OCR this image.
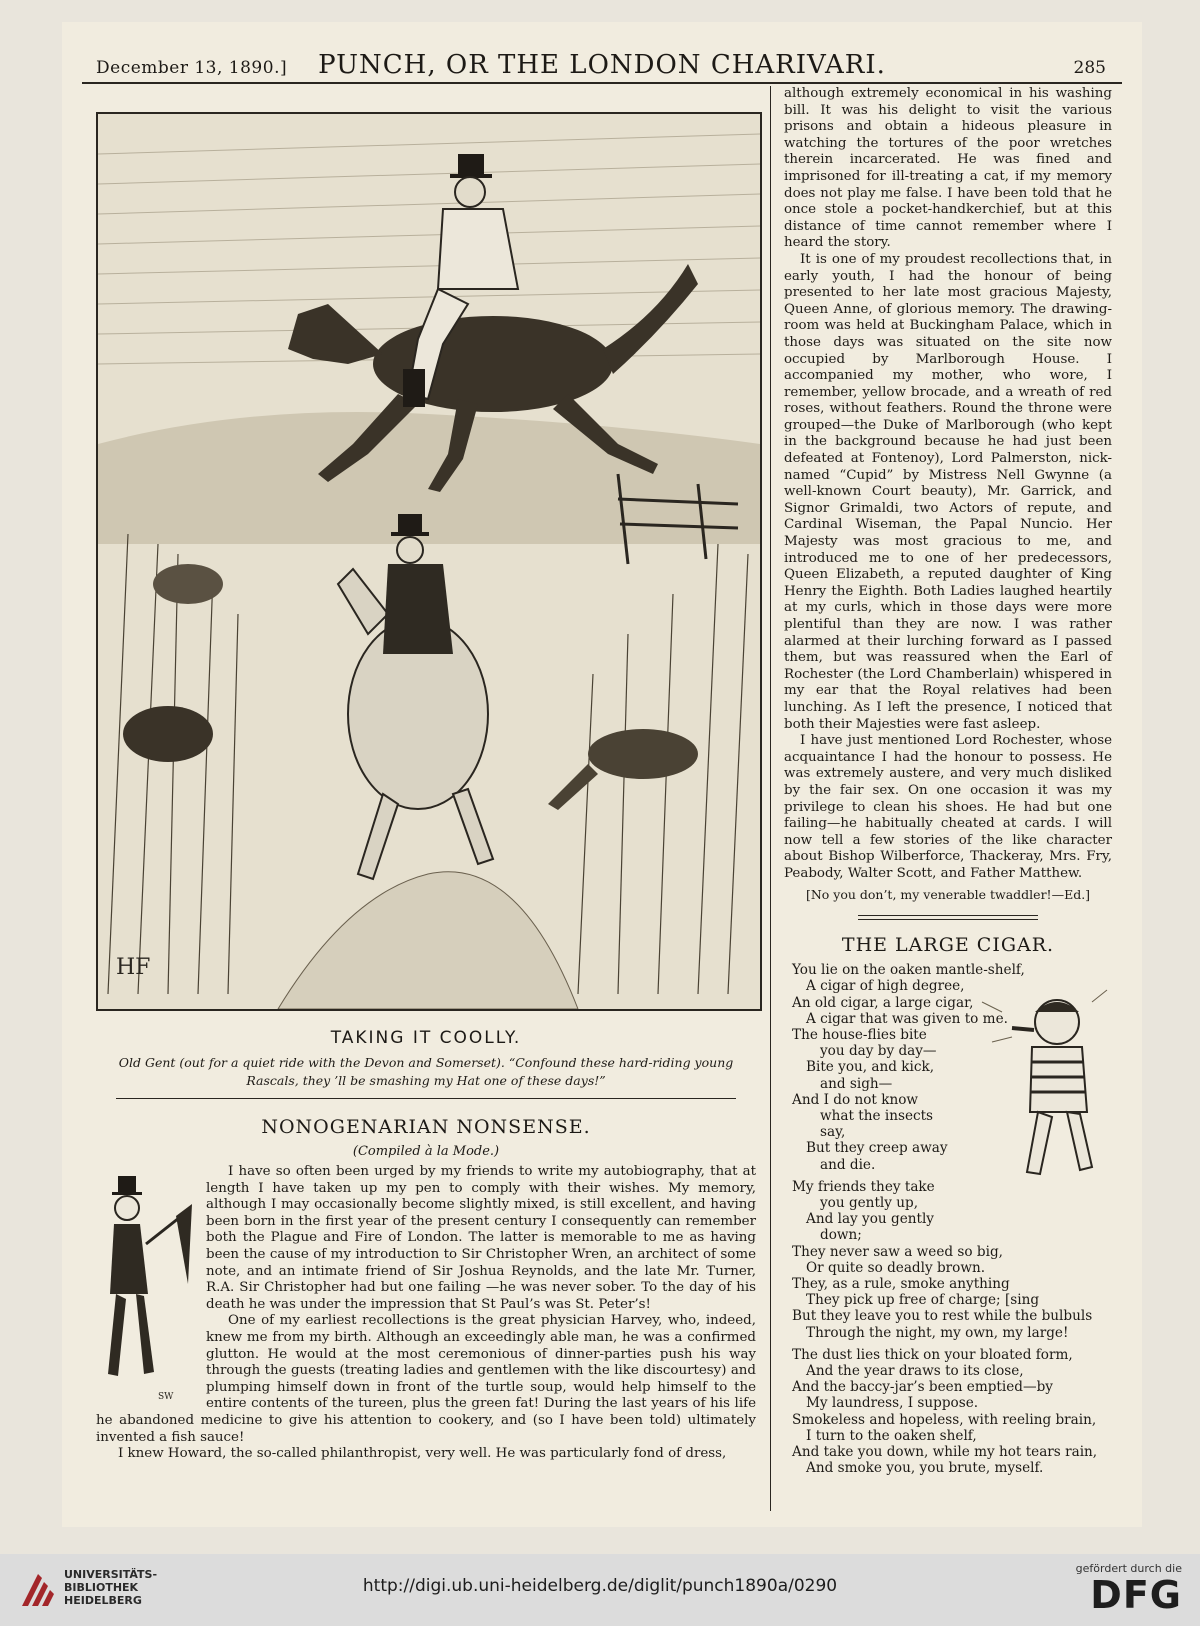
December 13, 1890.]	PUNCH, OR THE LONDON CHARIVARI.	285
HF
TAKING IT COOLLY.
Old Gent (out for a quiet ride with the Devon and Somerset). “Confound these hard-riding young Rascals, they ’ll be smashing my Hat one of these days!”
NONOGENARIAN NONSENSE.
(Compiled à la Mode.)
SW

I have so often been urged by my friends to write my autobiography, that at length I have taken up my pen to comply with their wishes. My memory, although I may occasionally become slightly mixed, is still excellent, and having been born in the first year of the present century I consequently can remember both the Plague and Fire of London. The latter is memorable to me as having been the cause of my introduction to Sir Christopher Wren, an architect of some note, and an intimate friend of Sir Joshua Reynolds, and the late Mr. Turner, R.A. Sir Christopher had but one failing —he was never sober. To the day of his death he was under the impression that St Paul’s was St. Peter’s!

One of my earliest recollections is the great physician Harvey, who, indeed, knew me from my birth. Although an exceedingly able man, he was a confirmed glutton. He would at the most ceremonious of dinner-parties push his way through the guests (treating ladies and gentlemen with the like discourtesy) and plumping himself down in front of the turtle soup, would help himself to the entire contents of the tureen, plus the green fat! During the last years of his life he abandoned medicine to give his attention to cookery, and (so I have been told) ultimately invented a fish sauce!

I knew Howard, the so-called philanthropist, very well. He was particularly fond of dress,

although extremely economical in his washing bill. It was his delight to visit the various prisons and obtain a hideous pleasure in watching the tortures of the poor wretches therein incarcerated. He was fined and imprisoned for ill-treating a cat, if my memory does not play me false. I have been told that he once stole a pocket-handkerchief, but at this distance of time cannot remember where I heard the story.

It is one of my proudest recollections that, in early youth, I had the honour of being presented to her late most gracious Majesty, Queen Anne, of glorious memory. The drawing-room was held at Buckingham Palace, which in those days was situated on the site now occupied by Marlborough House. I accompanied my mother, who wore, I remember, yellow brocade, and a wreath of red roses, without feathers. Round the throne were grouped—the Duke of Marlborough (who kept in the background because he had just been defeated at Fontenoy), Lord Palmerston, nick-named “Cupid” by Mistress Nell Gwynne (a well-known Court beauty), Mr. Garrick, and Signor Grimaldi, two Actors of repute, and Cardinal Wiseman, the Papal Nuncio. Her Majesty was most gracious to me, and introduced me to one of her predecessors, Queen Elizabeth, a reputed daughter of King Henry the Eighth. Both Ladies laughed heartily at my curls, which in those days were more plentiful than they are now. I was rather alarmed at their lurching forward as I passed them, but was reassured when the Earl of Rochester (the Lord Chamberlain) whispered in my ear that the Royal relatives had been lunching. As I left the presence, I noticed that both their Majesties were fast asleep.

I have just mentioned Lord Rochester, whose acquaintance I had the honour to possess. He was extremely austere, and very much disliked by the fair sex. On one occasion it was my privilege to clean his shoes. He had but one failing—he habitually cheated at cards. I will now tell a few stories of the like character about Bishop Wilberforce, Thackeray, Mrs. Fry, Peabody, Walter Scott, and Father Matthew.

[No you don’t, my venerable twaddler!—Ed.]
THE LARGE CIGAR.
You lie on the oaken mantle-shelf,
A cigar of high degree,
An old cigar, a large cigar,
A cigar that was given to me.
The house-flies bite
you day by day—
Bite you, and kick,
and sigh—
And I do not know
what the insects
say,
But they creep away
and die.
My friends they take
you gently up,
And lay you gently
down;
They never saw a weed so big,
Or quite so deadly brown.
They, as a rule, smoke anything
They pick up free of charge; [sing
But they leave you to rest while the bulbuls
Through the night, my own, my large!
The dust lies thick on your bloated form,
And the year draws to its close,
And the baccy-jar’s been emptied—by
My laundress, I suppose.
Smokeless and hopeless, with reeling brain,
I turn to the oaken shelf,
And take you down, while my hot tears rain,
And smoke you, you brute, myself.
UNIVERSITÄTS-
BIBLIOTHEK
HEIDELBERG
http://digi.ub.uni-heidelberg.de/diglit/punch1890a/0290
gefördert durch die
DFG
